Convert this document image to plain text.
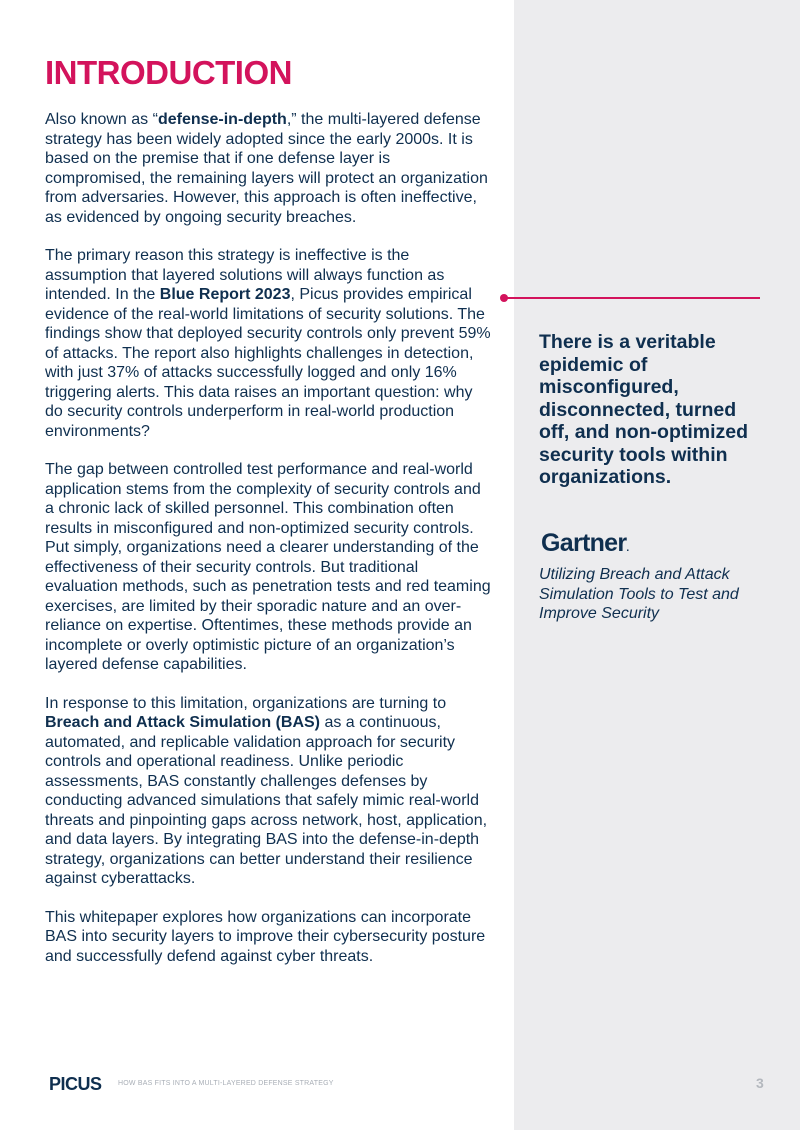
INTRODUCTION

Also known as “defense-in-depth,” the multi-layered defense strategy has been widely adopted since the early 2000s. It is based on the premise that if one defense layer is compromised, the remaining layers will protect an organization from adversaries. However, this approach is often ineffective, as evidenced by ongoing security breaches.

The primary reason this strategy is ineffective is the assumption that layered solutions will always function as intended. In the Blue Report 2023, Picus provides empirical evidence of the real-world limitations of security solutions. The findings show that deployed security controls only prevent 59% of attacks. The report also highlights challenges in detection, with just 37% of attacks successfully logged and only 16% triggering alerts. This data raises an important question: why do security controls underperform in real-world production environments?

The gap between controlled test performance and real-world application stems from the complexity of security controls and a chronic lack of skilled personnel. This combination often results in misconfigured and non-optimized security controls. Put simply, organizations need a clearer understanding of the effectiveness of their security controls. But traditional evaluation methods, such as penetration tests and red teaming exercises, are limited by their sporadic nature and an over-reliance on expertise. Oftentimes, these methods provide an incomplete or overly optimistic picture of an organization’s layered defense capabilities.

In response to this limitation, organizations are turning to Breach and Attack Simulation (BAS) as a continuous, automated, and replicable validation approach for security controls and operational readiness. Unlike periodic assessments, BAS constantly challenges defenses by conducting advanced simulations that safely mimic real-world threats and pinpointing gaps across network, host, application, and data layers. By integrating BAS into the defense-in-depth strategy, organizations can better understand their resilience against cyberattacks.

This whitepaper explores how organizations can incorporate BAS into security layers to improve their cybersecurity posture and successfully defend against cyber threats.

There is a veritable epidemic of misconfigured, disconnected, turned off, and non-optimized security tools within organizations.

Gartner.

Utilizing Breach and Attack Simulation Tools to Test and Improve Security

PICUS HOW BAS FITS INTO A MULTI-LAYERED DEFENSE STRATEGY	3
